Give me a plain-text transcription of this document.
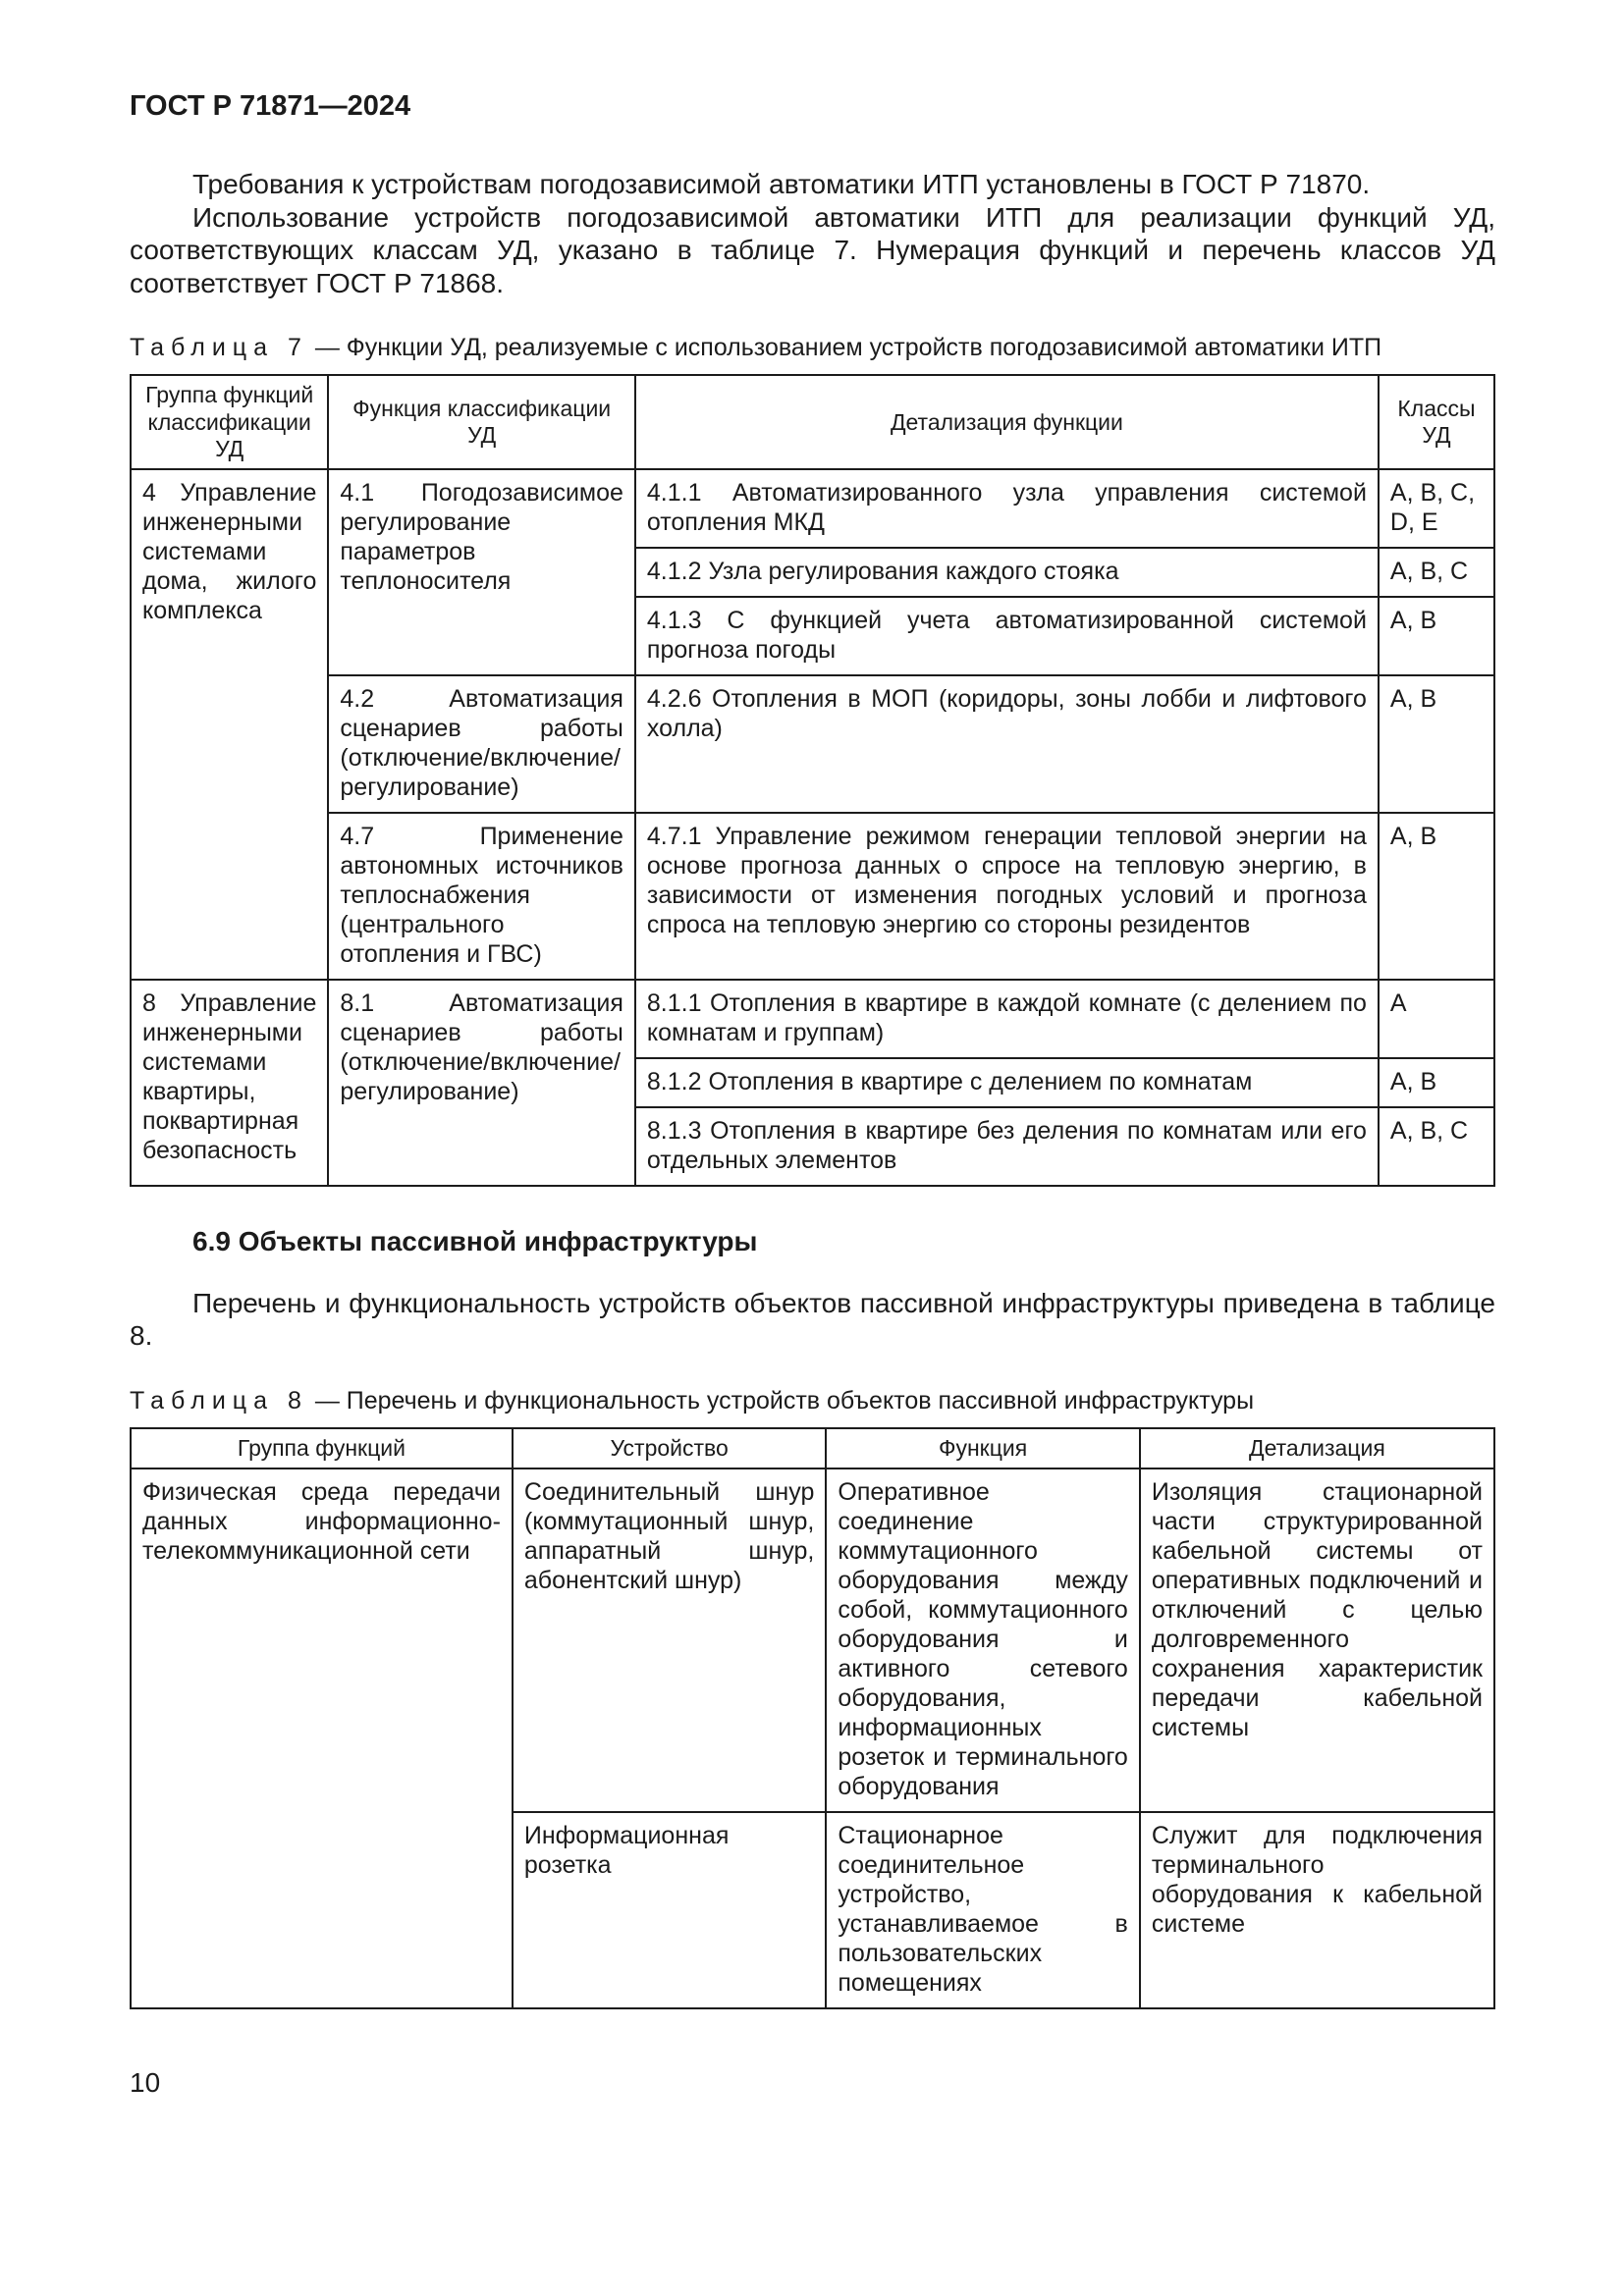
ГОСТ Р 71871—2024

Требования к устройствам погодозависимой автоматики ИТП установлены в ГОСТ Р 71870.

Использование устройств погодозависимой автоматики ИТП для реализации функций УД, соответствующих классам УД, указано в таблице 7. Нумерация функций и перечень классов УД соответствует ГОСТ Р 71868.

Таблица 7 — Функции УД, реализуемые с использованием устройств погодозависимой автоматики ИТП

Группа функций классификации УД	Функция классификации УД	Детализация функции	Классы УД
4 Управление инженерными системами дома, жилого комплекса	4.1 Погодозависимое регулирование параметров теплоносителя	4.1.1 Автоматизированного узла управления системой отопления МКД	A, B, C, D, E
		4.1.2 Узла регулирования каждого стояка	A, B, C
		4.1.3 С функцией учета автоматизированной системой прогноза погоды	A, B
	4.2 Автоматизация сценариев работы (отключение/включение/регулирование)	4.2.6 Отопления в МОП (коридоры, зоны лобби и лифтового холла)	A, B
	4.7 Применение автономных источников теплоснабжения (центрального отопления и ГВС)	4.7.1 Управление режимом генерации тепловой энергии на основе прогноза данных о спросе на тепловую энергию, в зависимости от изменения погодных условий и прогноза спроса на тепловую энергию со стороны резидентов	A, B
8 Управление инженерными системами квартиры, поквартирная безопасность	8.1 Автоматизация сценариев работы (отключение/включение/регулирование)	8.1.1 Отопления в квартире в каждой комнате (с делением по комнатам и группам)	A
		8.1.2 Отопления в квартире с делением по комнатам	A, B
		8.1.3 Отопления в квартире без деления по комнатам или его отдельных элементов	A, B, C
6.9 Объекты пассивной инфраструктуры

Перечень и функциональность устройств объектов пассивной инфраструктуры приведена в таблице 8.

Таблица 8 — Перечень и функциональность устройств объектов пассивной инфраструктуры

Группа функций	Устройство	Функция	Детализация
Физическая среда передачи данных информационно-телекоммуникационной сети	Соединительный шнур (коммутационный шнур, аппаратный шнур, абонентский шнур)	Оперативное соединение коммутационного оборудования между собой, коммутационного оборудования и активного сетевого оборудования, информационных розеток и терминального оборудования	Изоляция стационарной части структурированной кабельной системы от оперативных подключений и отключений с целью долговременного сохранения характеристик передачи кабельной системы
	Информационная розетка	Стационарное соединительное устройство, устанавливаемое в пользовательских помещениях	Служит для подключения терминального оборудования к кабельной системе
10
